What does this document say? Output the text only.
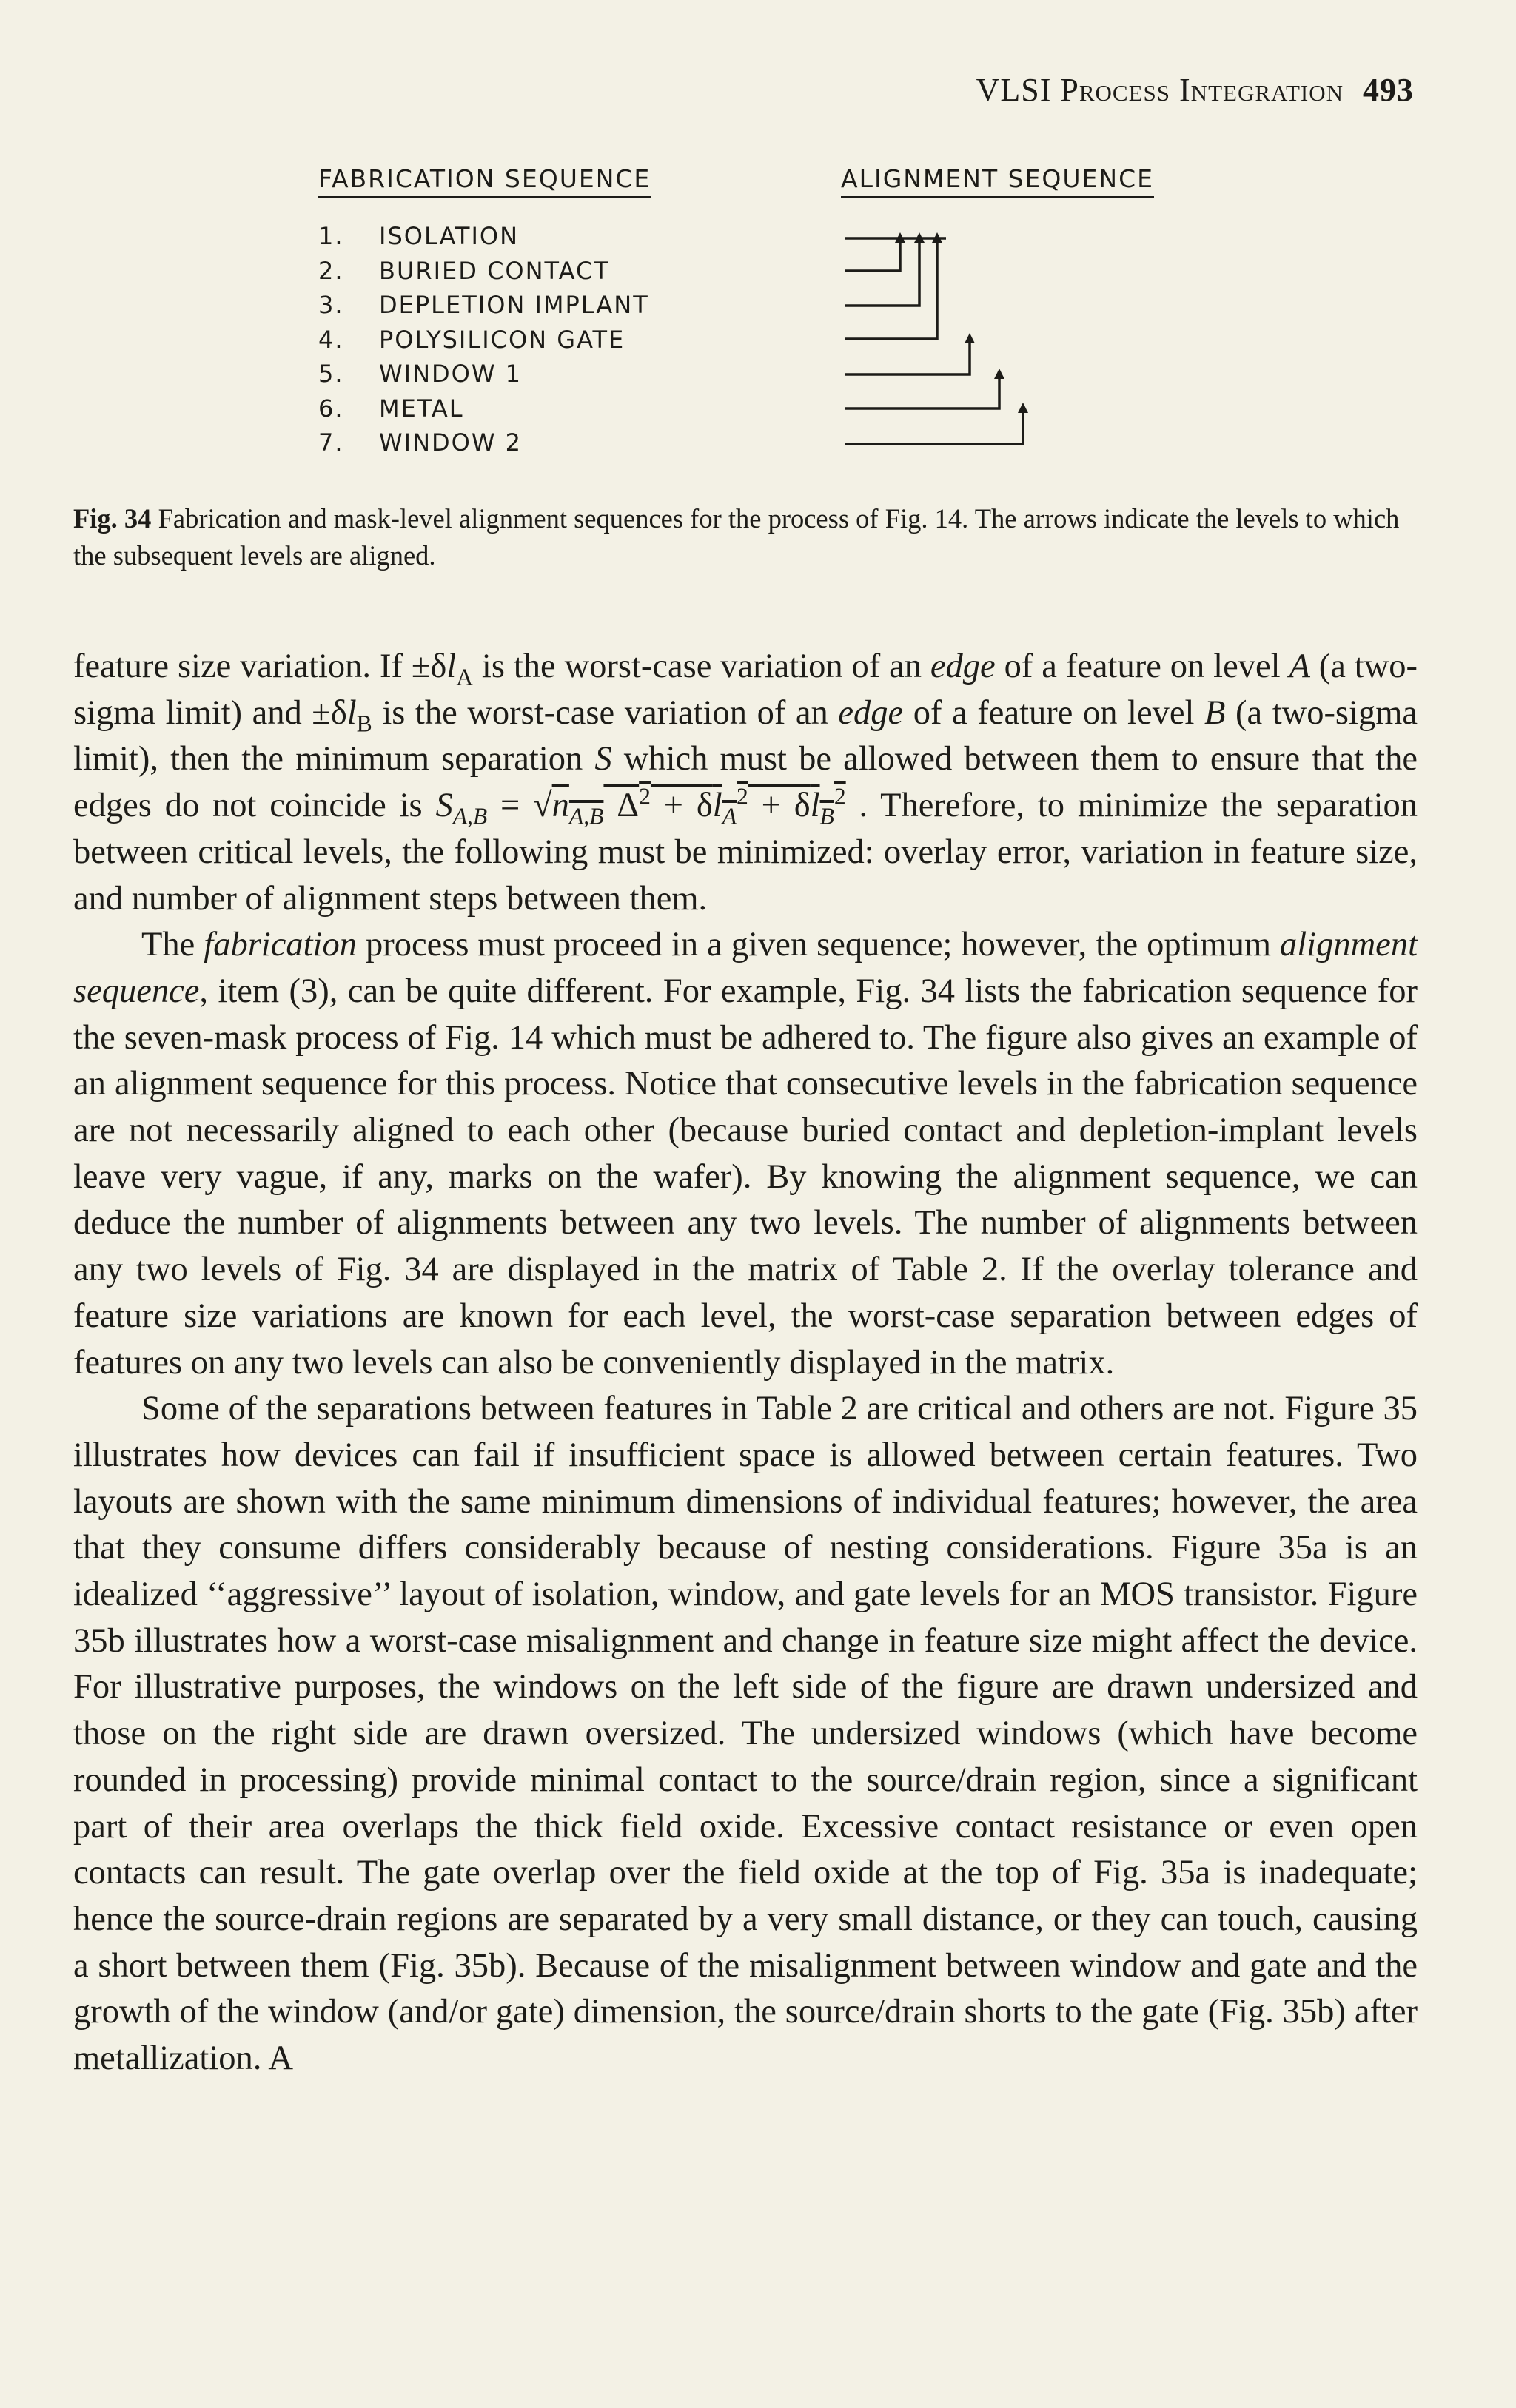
VLSI Process Integration 493
FABRICATION SEQUENCE	ALIGNMENT SEQUENCE
1.	ISOLATION
2.	BURIED CONTACT
3.	DEPLETION IMPLANT
4.	POLYSILICON GATE
5.	WINDOW 1
6.	METAL
7.	WINDOW 2
Fig. 34 Fabrication and mask-level alignment sequences for the process of Fig. 14. The arrows indicate the levels to which the subsequent levels are aligned.

feature size variation. $If \pm\delta l_A$ is the worst-case variation of an edge of a feature on level A (a two-sigma limit) and $\pm\delta l_B$ is the worst-case variation of an edge of a feature on level B (a two-sigma limit), then the minimum separation S which must be allowed between them to ensure that the edges do not coincide is $S_{A,B} = √n_{A,B}$ $\Delta^2 + \delta l_A^2 + \delta l_B^2$ . Therefore, to minimize the separation between critical levels, the following must be minimized: overlay error, variation in feature size, and number of alignment steps between them.

The fabrication process must proceed in a given sequence; however, the optimum alignment sequence, item (3), can be quite different. For example, Fig. 34 lists the fabrication sequence for the seven-mask process of Fig. 14 which must be adhered to. The figure also gives an example of an alignment sequence for this process. Notice that consecutive levels in the fabrication sequence are not necessarily aligned to each other (because buried contact and depletion-implant levels leave very vague, if any, marks on the wafer). By knowing the alignment sequence, we can deduce the number of alignments between any two levels. The number of alignments between any two levels of Fig. 34 are displayed in the matrix of Table 2. If the overlay tolerance and feature size variations are known for each level, the worst-case separation between edges of features on any two levels can also be conveniently displayed in the matrix.

Some of the separations between features in Table 2 are critical and others are not. Figure 35 illustrates how devices can fail if insufficient space is allowed between certain features. Two layouts are shown with the same minimum dimensions of individual features; however, the area that they consume differs considerably because of nesting considerations. Figure 35a is an idealized ‘‘aggressive’’ layout of isolation, window, and gate levels for an MOS transistor. Figure 35b illustrates how a worst-case misalignment and change in feature size might affect the device. For illustrative purposes, the windows on the left side of the figure are drawn undersized and those on the right side are drawn oversized. The undersized windows (which have become rounded in processing) provide minimal contact to the source/drain region, since a significant part of their area overlaps the thick field oxide. Excessive contact resistance or even open contacts can result. The gate overlap over the field oxide at the top of Fig. 35a is inadequate; hence the source-drain regions are separated by a very small distance, or they can touch, causing a short between them (Fig. 35b). Because of the misalignment between window and gate and the growth of the window (and/or gate) dimension, the source/drain shorts to the gate (Fig. 35b) after metallization. A
